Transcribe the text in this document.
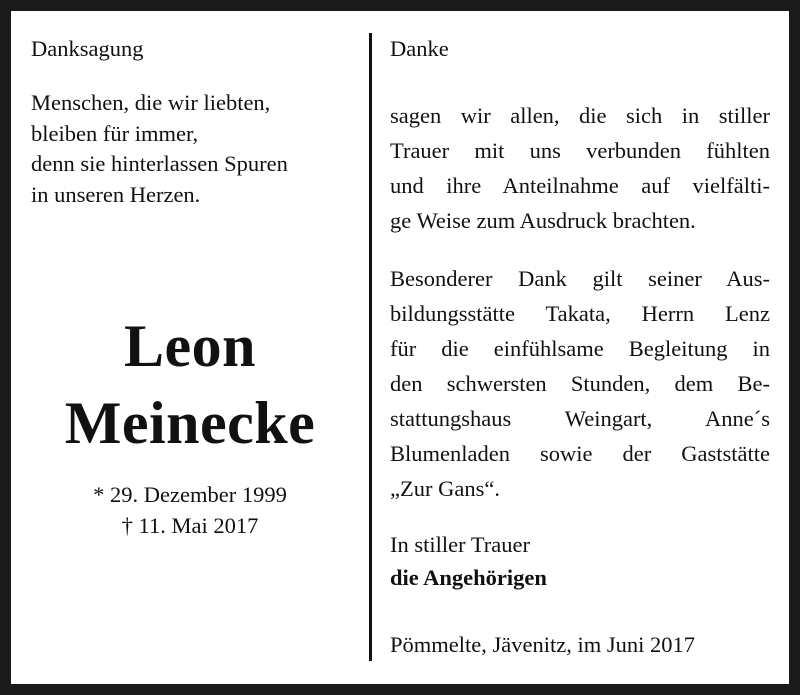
Danksagung
Menschen, die wir liebten,
bleiben für immer,
denn sie hinterlassen Spuren
in unseren Herzen.
Leon
Meinecke
* 29. Dezember 1999
† 11. Mai 2017
Danke
sagen wir allen, die sich in stiller
Trauer mit uns verbunden fühlten
und ihre Anteilnahme auf vielfälti-
ge Weise zum Ausdruck brachten.
Besonderer Dank gilt seiner Aus-
bildungsstätte Takata, Herrn Lenz
für die einfühlsame Begleitung in
den schwersten Stunden, dem Be-
stattungshaus Weingart, Anne´s
Blumenladen sowie der Gaststätte
„Zur Gans“.
In stiller Trauer
die Angehörigen
Pömmelte, Jävenitz, im Juni 2017
